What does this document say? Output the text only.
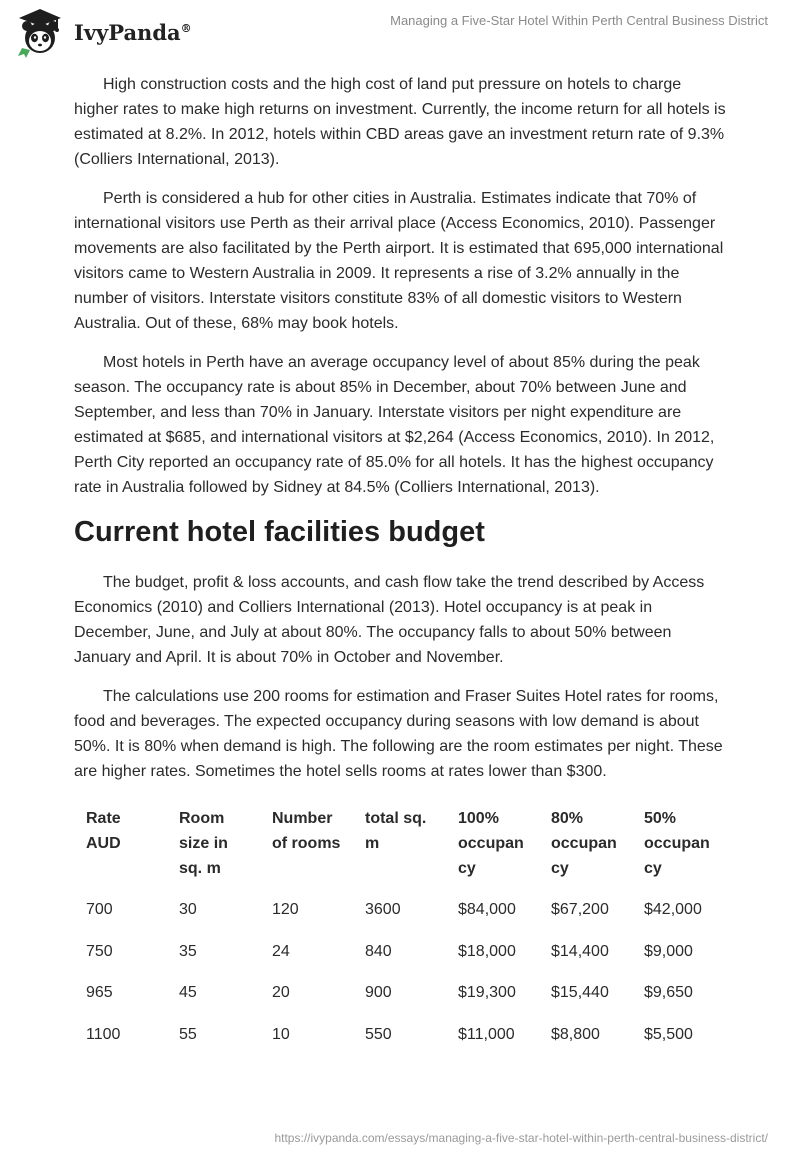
IvyPanda®	Managing a Five-Star Hotel Within Perth Central Business District

High construction costs and the high cost of land put pressure on hotels to charge higher rates to make high returns on investment. Currently, the income return for all hotels is estimated at 8.2%. In 2012, hotels within CBD areas gave an investment return rate of 9.3% (Colliers International, 2013).

Perth is considered a hub for other cities in Australia. Estimates indicate that 70% of international visitors use Perth as their arrival place (Access Economics, 2010). Passenger movements are also facilitated by the Perth airport. It is estimated that 695,000 international visitors came to Western Australia in 2009. It represents a rise of 3.2% annually in the number of visitors. Interstate visitors constitute 83% of all domestic visitors to Western Australia. Out of these, 68% may book hotels.

Most hotels in Perth have an average occupancy level of about 85% during the peak season. The occupancy rate is about 85% in December, about 70% between June and September, and less than 70% in January. Interstate visitors per night expenditure are estimated at $685, and international visitors at $2,264 (Access Economics, 2010). In 2012, Perth City reported an occupancy rate of 85.0% for all hotels. It has the highest occupancy rate in Australia followed by Sidney at 84.5% (Colliers International, 2013).

Current hotel facilities budget

The budget, profit & loss accounts, and cash flow take the trend described by Access Economics (2010) and Colliers International (2013). Hotel occupancy is at peak in December, June, and July at about 80%. The occupancy falls to about 50% between January and April. It is about 70% in October and November.

The calculations use 200 rooms for estimation and Fraser Suites Hotel rates for rooms, food and beverages. The expected occupancy during seasons with low demand is about 50%. It is 80% when demand is high. The following are the room estimates per night. These are higher rates. Sometimes the hotel sells rooms at rates lower than $300.

Rate AUD	Room size in sq. m	Number of rooms	total sq. m	100% occupancy	80% occupancy	50% occupancy
700	30	120	3600	$84,000	$67,200	$42,000
750	35	24	840	$18,000	$14,400	$9,000
965	45	20	900	$19,300	$15,440	$9,650
1100	55	10	550	$11,000	$8,800	$5,500
https://ivypanda.com/essays/managing-a-five-star-hotel-within-perth-central-business-district/
